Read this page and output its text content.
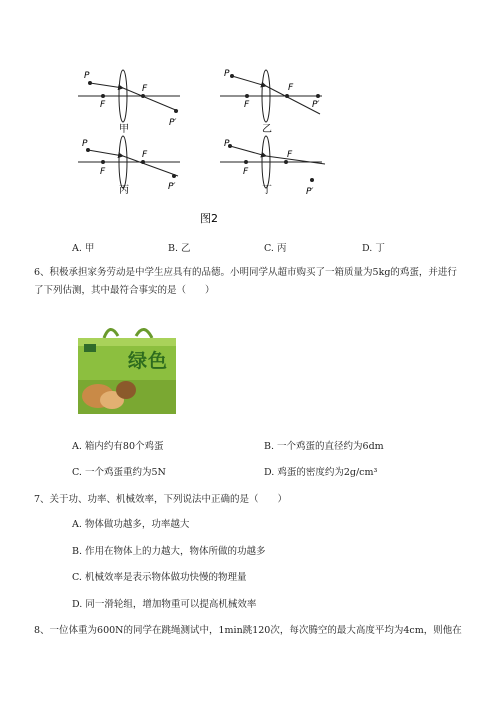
P
F
F
P′
甲
P
F
F
P′
乙
P
F
F
P′
丙
P
F
F
P′
丁
图2
A. 甲	B. 乙	C. 丙	D. 丁
6、积极承担家务劳动是中学生应具有的品德。小明同学从超市购买了一箱质量为5kg的鸡蛋，并进行
了下列估测，其中最符合事实的是（　　）
绿色
A. 箱内约有80个鸡蛋	B. 一个鸡蛋的直径约为6dm
C. 一个鸡蛋重约为5N	D. 鸡蛋的密度约为2g/cm³
7、关于功、功率、机械效率，下列说法中正确的是（　　）
A. 物体做功越多，功率越大
B. 作用在物体上的力越大，物体所做的功越多
C. 机械效率是表示物体做功快慢的物理量
D. 同一滑轮组，增加物重可以提高机械效率
8、一位体重为600N的同学在跳绳测试中，1min跳120次，每次腾空的最大高度平均为4cm，则他在
